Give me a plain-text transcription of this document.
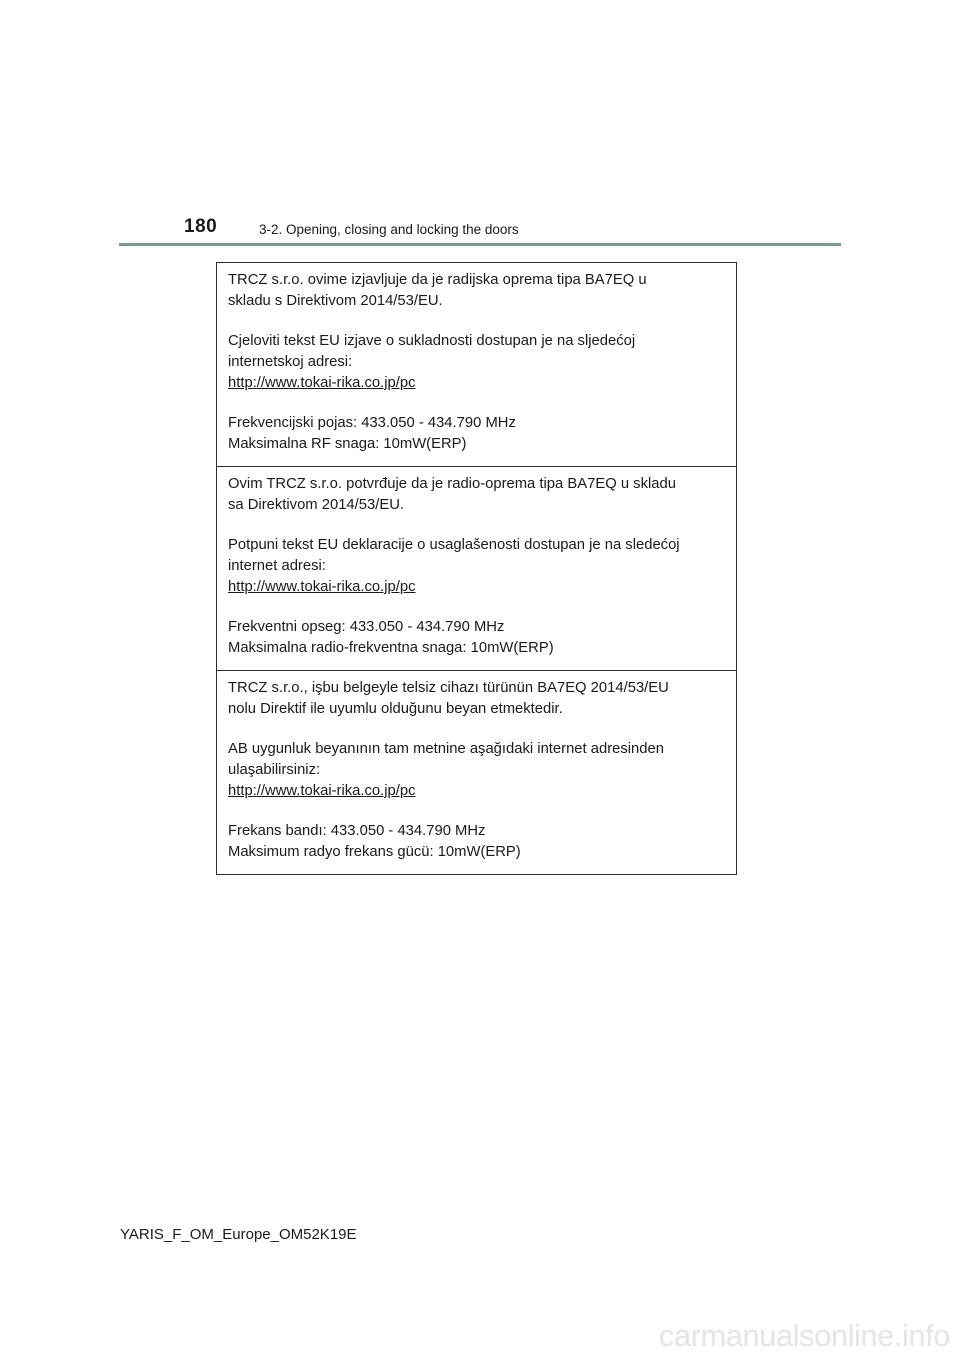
180	3-2. Opening, closing and locking the doors

TRCZ s.r.o. ovime izjavljuje da je radijska oprema tipa BA7EQ u
skladu s Direktivom 2014/53/EU.

Cjeloviti tekst EU izjave o sukladnosti dostupan je na sljedećoj
internetskoj adresi:
http://www.tokai-rika.co.jp/pc

Frekvencijski pojas: 433.050 - 434.790 MHz
Maksimalna RF snaga: 10mW(ERP)

Ovim TRCZ s.r.o. potvrđuje da je radio-oprema tipa BA7EQ u skladu
sa Direktivom 2014/53/EU.

Potpuni tekst EU deklaracije o usaglašenosti dostupan je na sledećoj
internet adresi:
http://www.tokai-rika.co.jp/pc

Frekventni opseg: 433.050 - 434.790 MHz
Maksimalna radio-frekventna snaga: 10mW(ERP)

TRCZ s.r.o., işbu belgeyle telsiz cihazı türünün BA7EQ 2014/53/EU
nolu Direktif ile uyumlu olduğunu beyan etmektedir.

AB uygunluk beyanının tam metnine aşağıdaki internet adresinden
ulaşabilirsiniz:
http://www.tokai-rika.co.jp/pc

Frekans bandı: 433.050 - 434.790 MHz
Maksimum radyo frekans gücü: 10mW(ERP)

YARIS_F_OM_Europe_OM52K19E
carmanualsonline.info
